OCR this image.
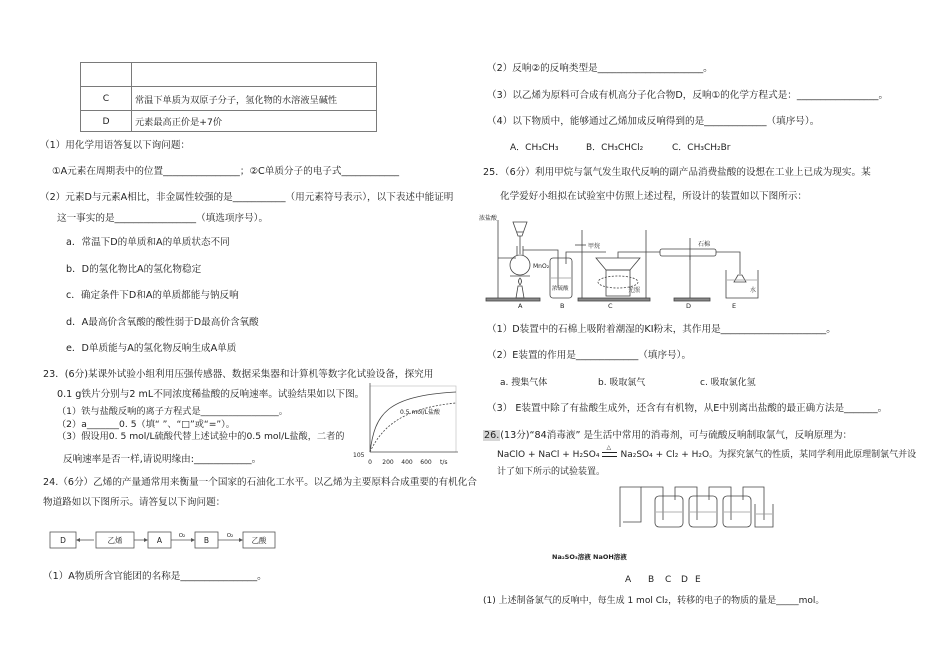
C	常温下单质为双原子分子，氢化物的水溶液呈碱性
D	元素最高正价是+7价
（1）用化学用语答复以下询问题：
①A元素在周期表中的位置________________；②C单质分子的电子式____________
（2）元素D与元素A相比，非金属性较强的是___________（用元素符号表示），以下表述中能证明
这一事实的是_________________（填选项序号）。
a．常温下D的单质和A的单质状态不同
b．D的氢化物比A的氢化物稳定
c．确定条件下D和A的单质都能与钠反响
d．A最高价含氧酸的酸性弱于D最高价含氧酸
e．D单质能与A的氢化物反响生成A单质
23．(6分)某课外试验小组利用压强传感器、数据采集器和计算机等数字化试验设备，探究用
0.1 g铁片分别与2 mL不同浓度稀盐酸的反响速率。试验结果如以下图。
（1）铁与盐酸反响的离子方程式是_________________。
（2）a_______0. 5（填“ ”、“□”或“=”）。
（3）假设用0. 5 mol/L硫酸代替上述试验中的0.5 mol/L盐酸，二者的
反响速率是否一样,请说明缘由:____________。
0.5 mol/L盐酸
105
0 200 400 600 t/s
24.（6分）乙烯的产量通常用来衡量一个国家的石油化工水平。以乙烯为主要原料合成重要的有机化合
物道路如以下图所示。请答复以下询问题：
D	乙烯	A	B	乙酸
O₂	O₂
（1）A物质所含官能团的名称是________________。
（2）反响②的反响类型是______________________。
（3）以乙烯为原料可合成有机高分子化合物D，反响①的化学方程式是：_________________。
（4）以下物质中，能够通过乙烯加成反响得到的是_____________（填序号）。
A．CH₃CH₃	B．CH₃CHCl₂	C．CH₃CH₂Br
25．（6分）利用甲烷与氯气发生取代反响的副产品消费盐酸的设想在工业上已成为现实。某
化学爱好小组拟在试验室中仿照上述过程，所设计的装置如以下图所示：
浓盐酸
MnO₂
甲烷
浓硫酸	光照
石棉
水
A	B	C	D	E
（1）D装置中的石棉上吸附着潮湿的KI粉末，其作用是______________________。
（2）E装置的作用是_____________（填序号）。
a. 搜集气体	b. 吸取氯气	c. 吸取氯化氢
（3） E装置中除了有盐酸生成外，还含有有机物，从E中别离出盐酸的最正确方法是_______。
26.(13分)“84消毒液” 是生活中常用的消毒剂，可与硫酸反响制取氯气，反响原理为：
NaClO + NaCl + H₂SO₄
△
Na₂SO₄ + Cl₂ + H₂O。为探究氯气的性质，某同学利用此原理制氯气并设
计了如下所示的试验装置。
Na₂SO₃溶液 NaOH溶液
A B C D E
(1) 上述制备氯气的反响中，每生成 1 mol Cl₂，转移的电子的物质的量是_____mol。
